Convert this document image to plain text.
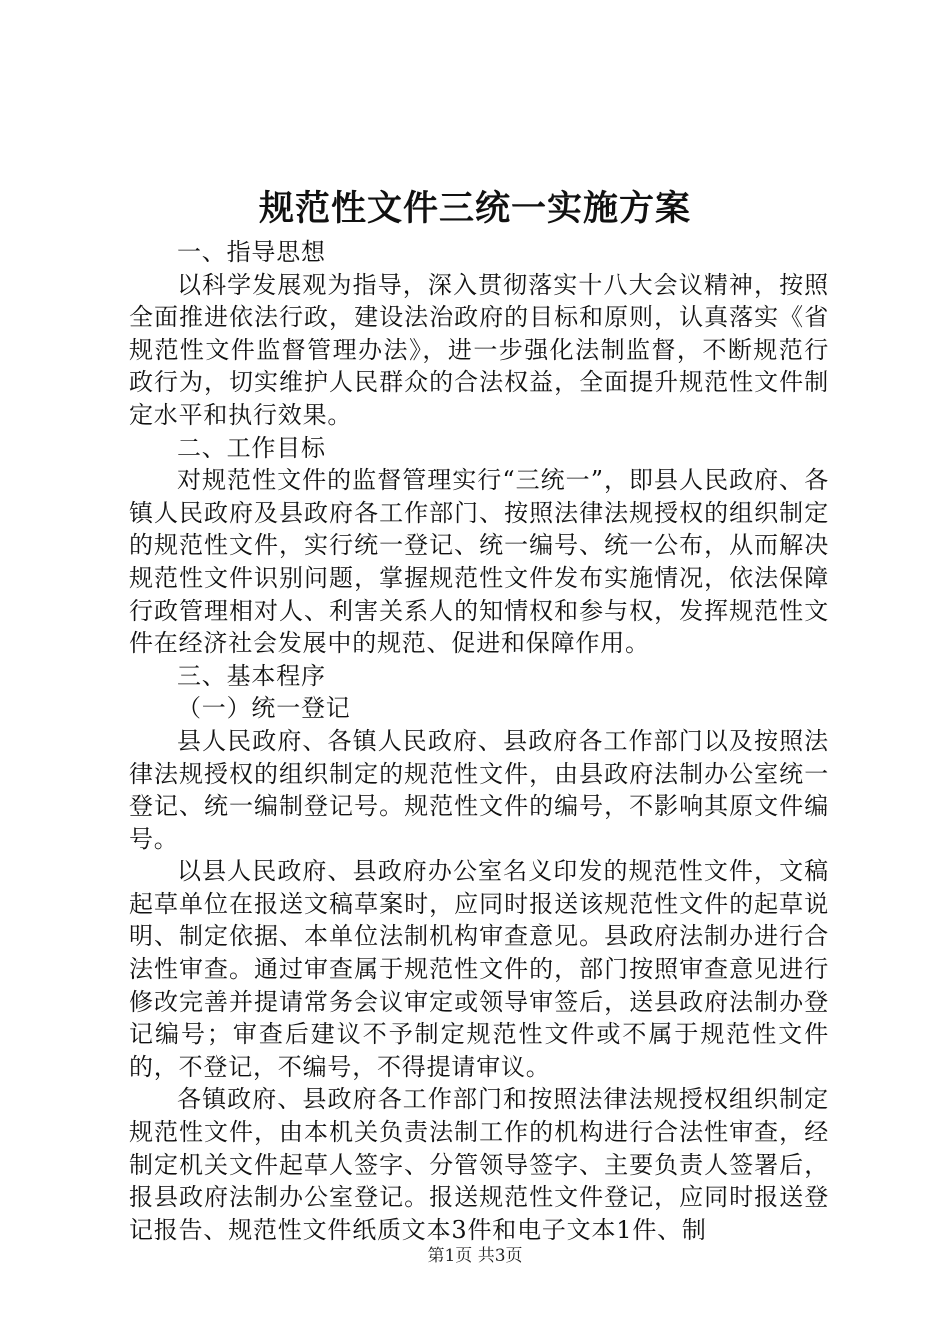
规范性文件三统一实施方案

一、指导思想

以科学发展观为指导，深入贯彻落实十八大会议精神，按照全面推进依法行政，建设法治政府的目标和原则，认真落实《省规范性文件监督管理办法》，进一步强化法制监督，不断规范行政行为，切实维护人民群众的合法权益，全面提升规范性文件制定水平和执行效果。

二、工作目标

对规范性文件的监督管理实行“三统一”，即县人民政府、各镇人民政府及县政府各工作部门、按照法律法规授权的组织制定的规范性文件，实行统一登记、统一编号、统一公布，从而解决规范性文件识别问题，掌握规范性文件发布实施情况，依法保障行政管理相对人、利害关系人的知情权和参与权，发挥规范性文件在经济社会发展中的规范、促进和保障作用。

三、基本程序

（一）统一登记

县人民政府、各镇人民政府、县政府各工作部门以及按照法律法规授权的组织制定的规范性文件，由县政府法制办公室统一登记、统一编制登记号。规范性文件的编号，不影响其原文件编号。

以县人民政府、县政府办公室名义印发的规范性文件，文稿起草单位在报送文稿草案时，应同时报送该规范性文件的起草说明、制定依据、本单位法制机构审查意见。县政府法制办进行合法性审查。通过审查属于规范性文件的，部门按照审查意见进行修改完善并提请常务会议审定或领导审签后，送县政府法制办登记编号；审查后建议不予制定规范性文件或不属于规范性文件的，不登记，不编号，不得提请审议。

各镇政府、县政府各工作部门和按照法律法规授权组织制定规范性文件，由本机关负责法制工作的机构进行合法性审查，经制定机关文件起草人签字、分管领导签字、主要负责人签署后，报县政府法制办公室登记。报送规范性文件登记，应同时报送登记报告、规范性文件纸质文本3件和电子文本1件、制

第1页 共3页
